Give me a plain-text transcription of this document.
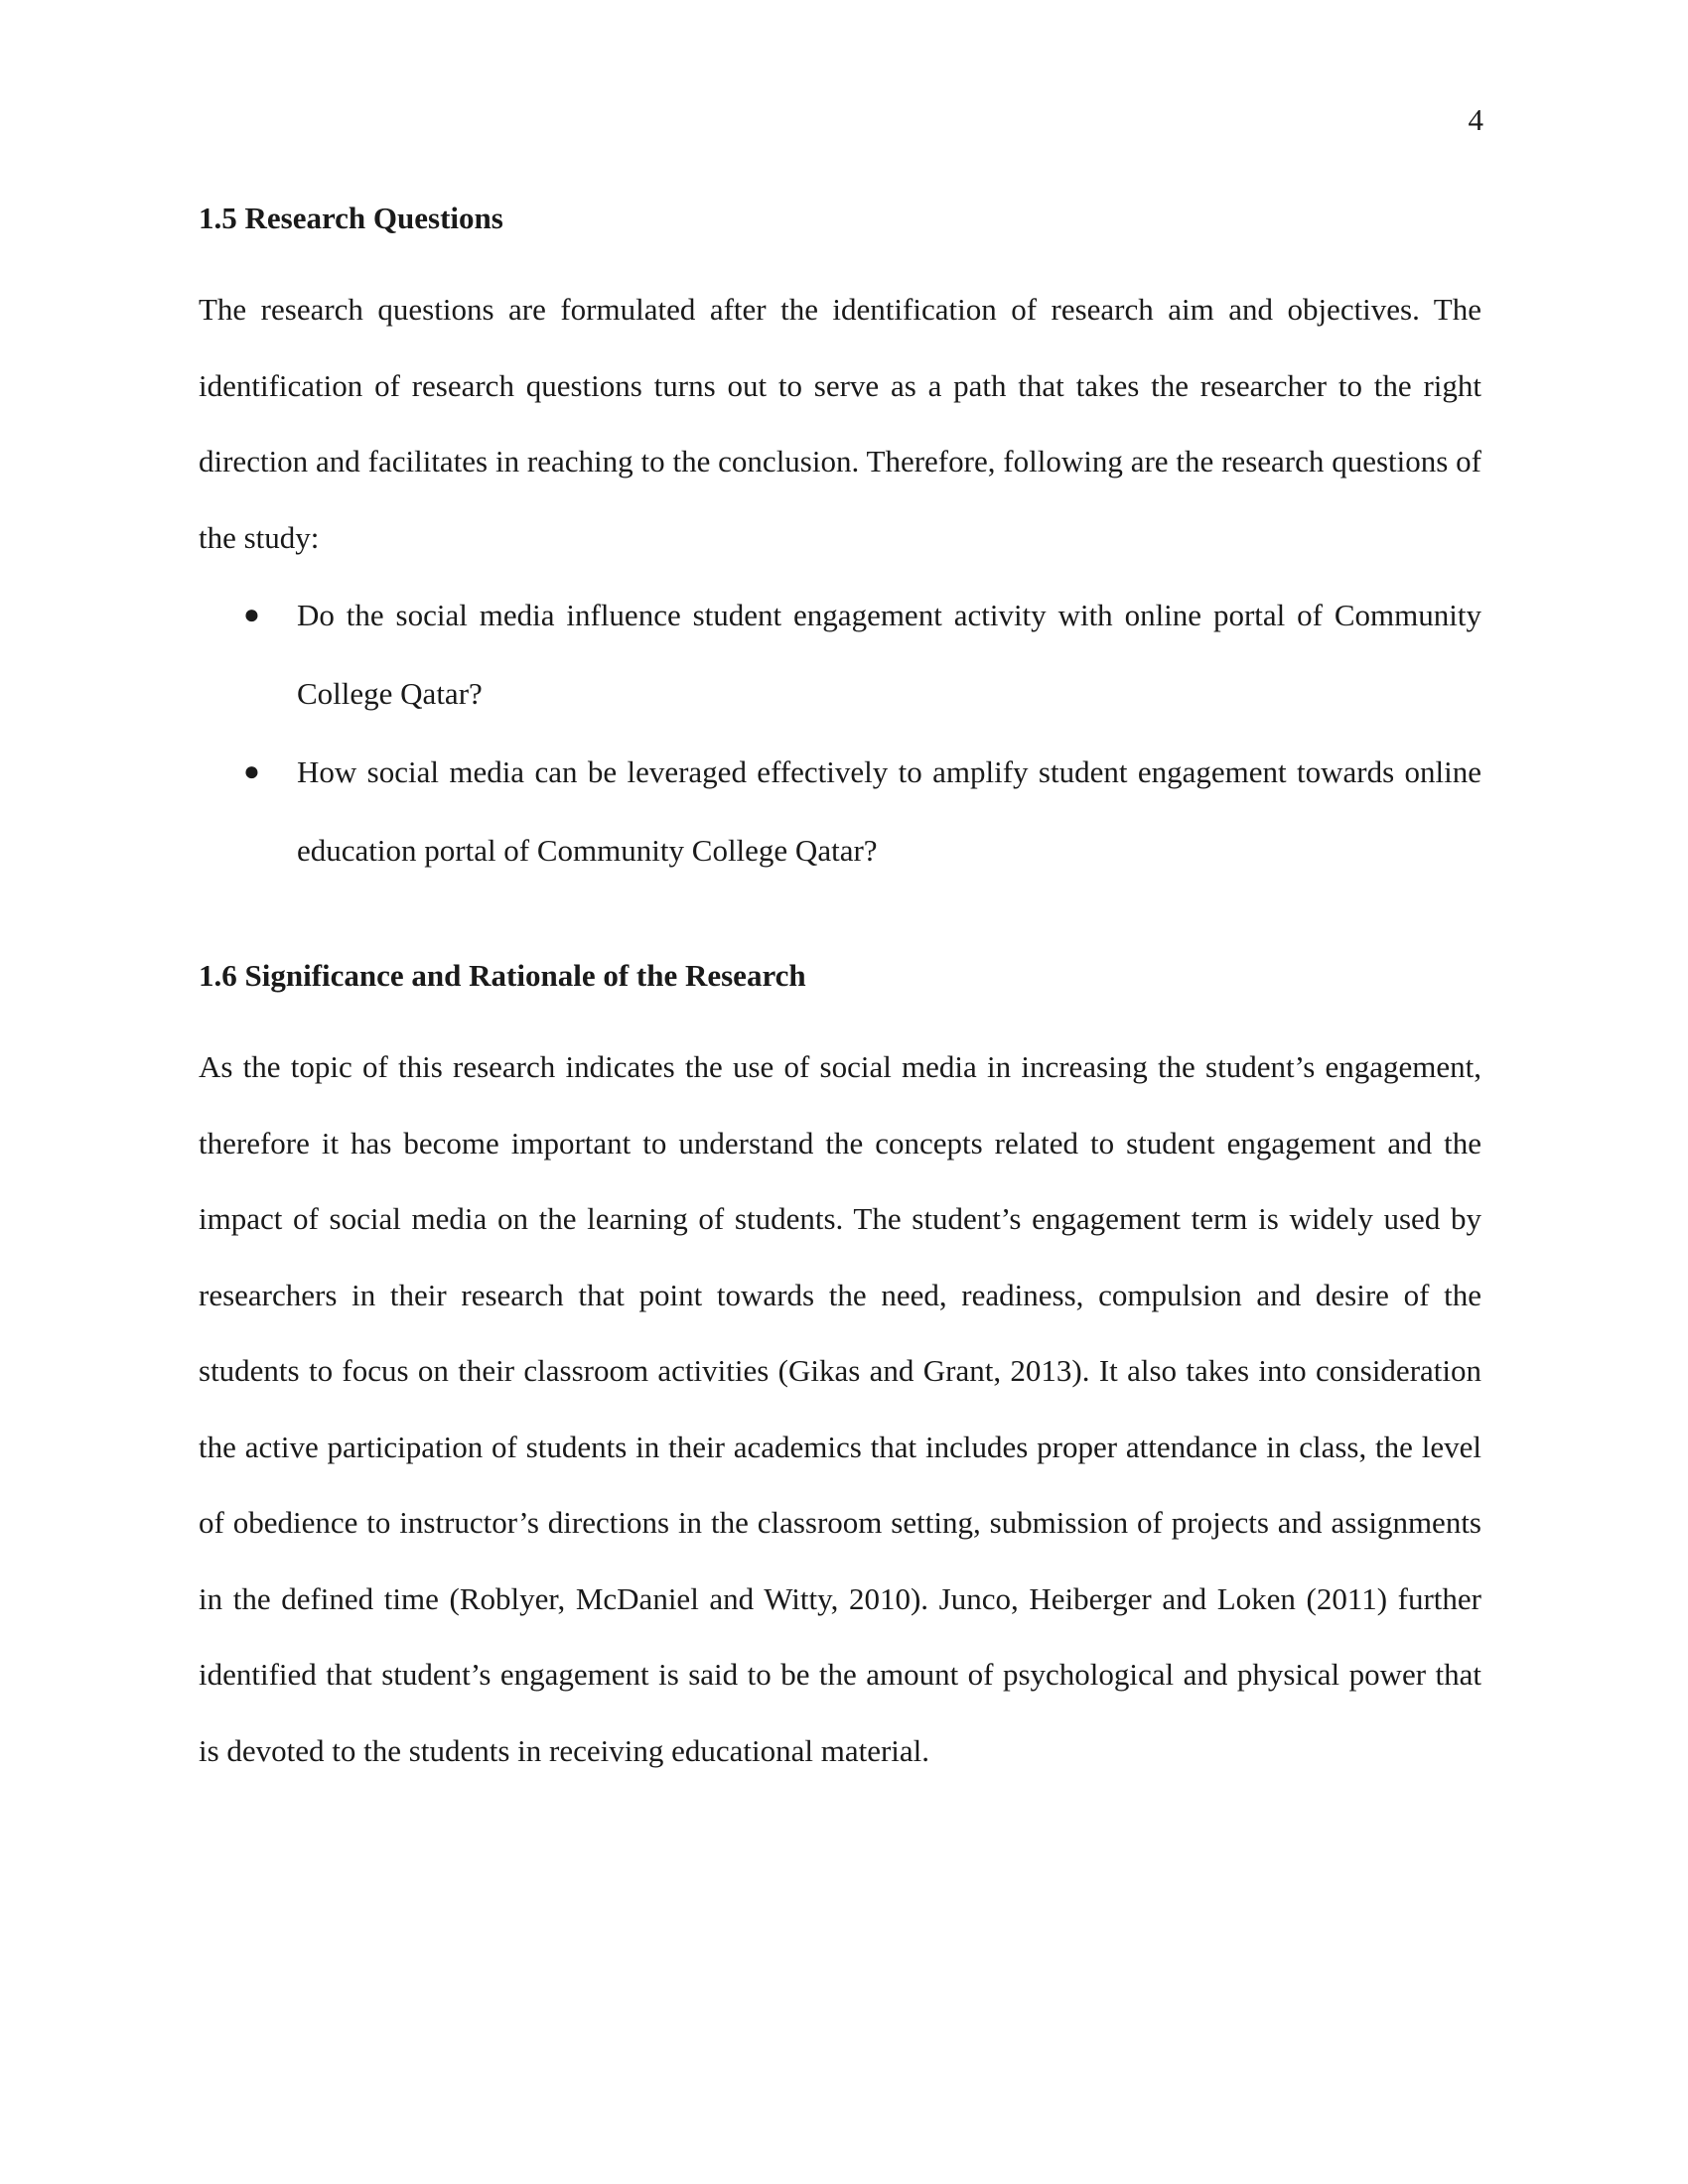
4
1.5 Research Questions

The research questions are formulated after the identification of research aim and objectives. The identification of research questions turns out to serve as a path that takes the researcher to the right direction and facilitates in reaching to the conclusion. Therefore, following are the research questions of the study:

● Do the social media influence student engagement activity with online portal of Community College Qatar?
● How social media can be leveraged effectively to amplify student engagement towards online education portal of Community College Qatar?
1.6 Significance and Rationale of the Research

As the topic of this research indicates the use of social media in increasing the student’s engagement, therefore it has become important to understand the concepts related to student engagement and the impact of social media on the learning of students. The student’s engagement term is widely used by researchers in their research that point towards the need, readiness, compulsion and desire of the students to focus on their classroom activities (Gikas and Grant, 2013). It also takes into consideration the active participation of students in their academics that includes proper attendance in class, the level of obedience to instructor’s directions in the classroom setting, submission of projects and assignments in the defined time (Roblyer, McDaniel and Witty, 2010). Junco, Heiberger and Loken (2011) further identified that student’s engagement is said to be the amount of psychological and physical power that is devoted to the students in receiving educational material.
